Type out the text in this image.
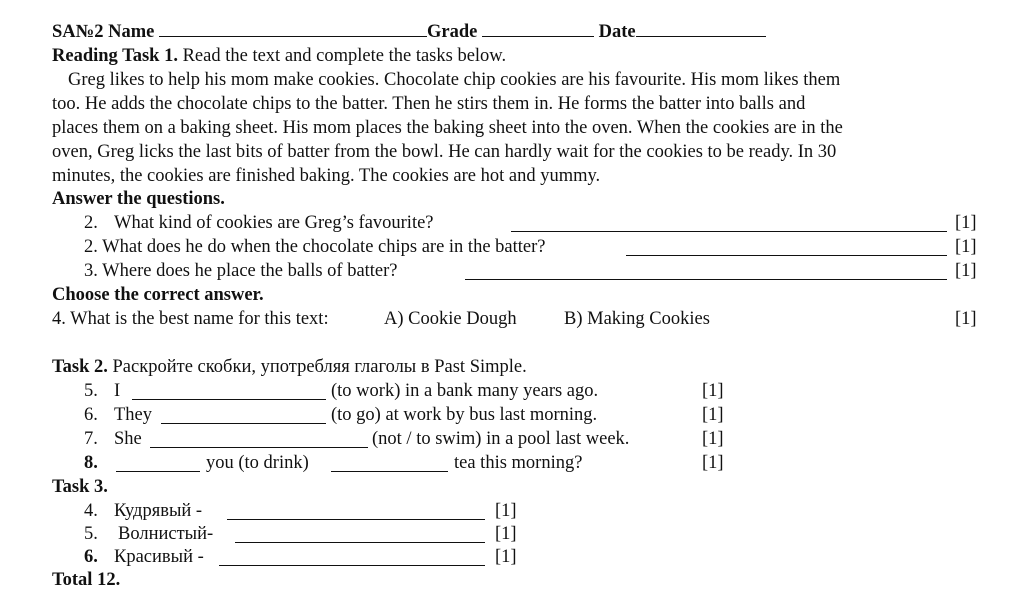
SA№2 Name	Grade	Date
Reading Task 1. Read the text and complete the tasks below.
Greg likes to help his mom make cookies. Chocolate chip cookies are his favourite. His mom likes them
too. He adds the chocolate chips to the batter. Then he stirs them in. He forms the batter into balls and
places them on a baking sheet. His mom places the baking sheet into the oven. When the cookies are in the
oven, Greg licks the last bits of batter from the bowl. He can hardly wait for the cookies to be ready. In 30
minutes, the cookies are finished baking. The cookies are hot and yummy.
Answer the questions.
2. What kind of cookies are Greg’s favourite?	[1]
2. What does he do when the chocolate chips are in the batter?	[1]
3. Where does he place the balls of batter?	[1]
Choose the correct answer.
4. What is the best name for this text:	A) Cookie Dough	B) Making Cookies	[1]
Task 2. Раскройте скобки, употребляя глаголы в Past Simple.
5. I	(to work) in a bank many years ago.	[1]
6. They	(to go) at work by bus last morning.	[1]
7. She	(not / to swim) in a pool last week.	[1]
8.	you (to drink)	tea this morning?	[1]
Task 3.
4. Кудрявый -	[1]
5. Волнистый-	[1]
6. Красивый -	[1]
Total 12.
